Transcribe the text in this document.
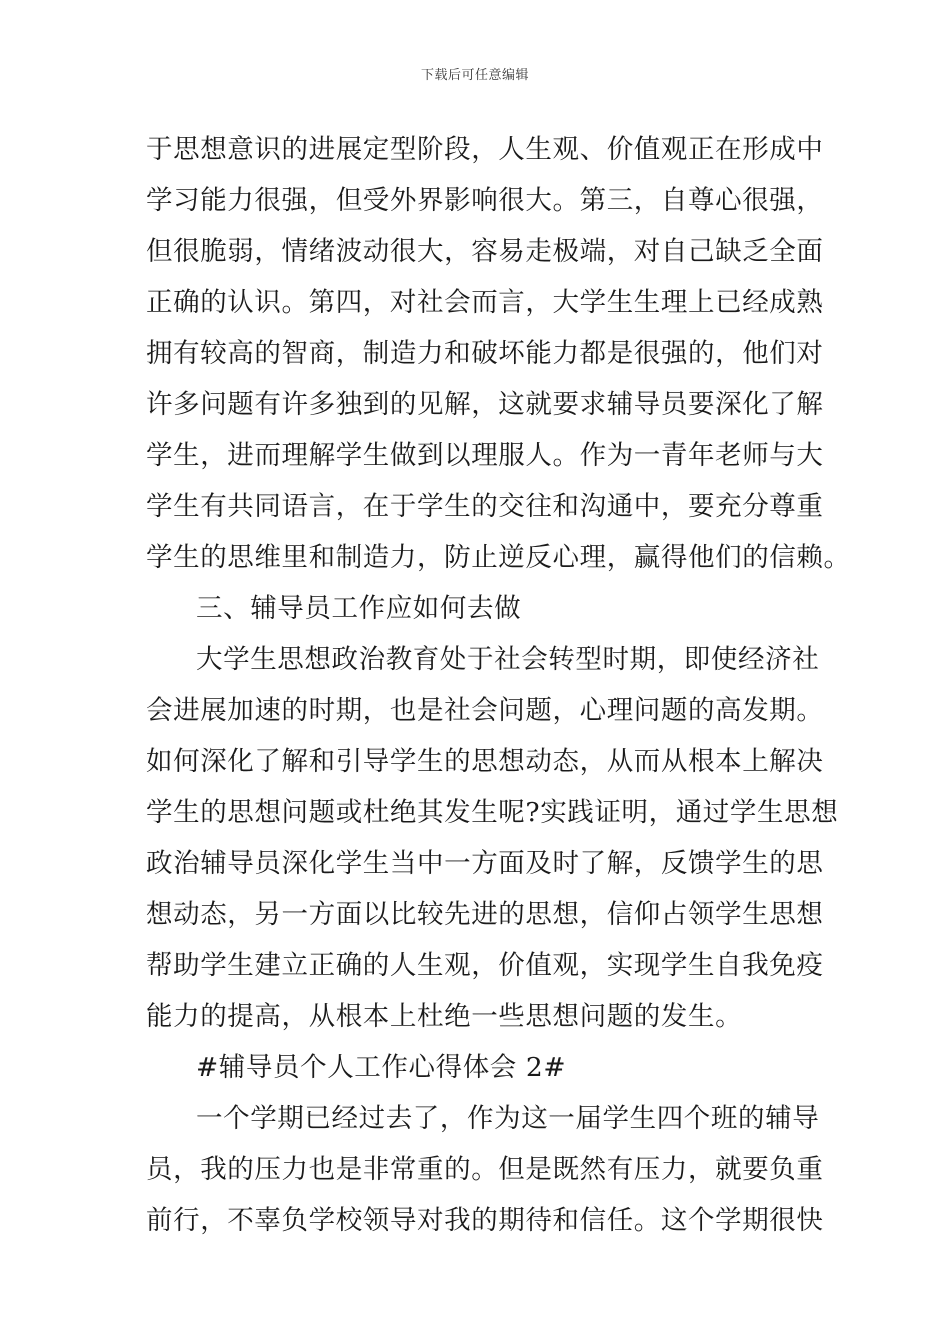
下载后可任意编辑
于思想意识的进展定型阶段，人生观、价值观正在形成中
学习能力很强，但受外界影响很大。第三，自尊心很强，
但很脆弱，情绪波动很大，容易走极端，对自己缺乏全面
正确的认识。第四，对社会而言，大学生生理上已经成熟
拥有较高的智商，制造力和破坏能力都是很强的，他们对
许多问题有许多独到的见解，这就要求辅导员要深化了解
学生，进而理解学生做到以理服人。作为一青年老师与大
学生有共同语言，在于学生的交往和沟通中，要充分尊重
学生的思维里和制造力，防止逆反心理，赢得他们的信赖。
三、辅导员工作应如何去做
大学生思想政治教育处于社会转型时期，即使经济社
会进展加速的时期，也是社会问题，心理问题的高发期。
如何深化了解和引导学生的思想动态，从而从根本上解决
学生的思想问题或杜绝其发生呢?实践证明，通过学生思想
政治辅导员深化学生当中一方面及时了解，反馈学生的思
想动态，另一方面以比较先进的思想，信仰占领学生思想
帮助学生建立正确的人生观，价值观，实现学生自我免疫
能力的提高，从根本上杜绝一些思想问题的发生。
#辅导员个人工作心得体会 2#
一个学期已经过去了，作为这一届学生四个班的辅导
员，我的压力也是非常重的。但是既然有压力，就要负重
前行，不辜负学校领导对我的期待和信任。这个学期很快
